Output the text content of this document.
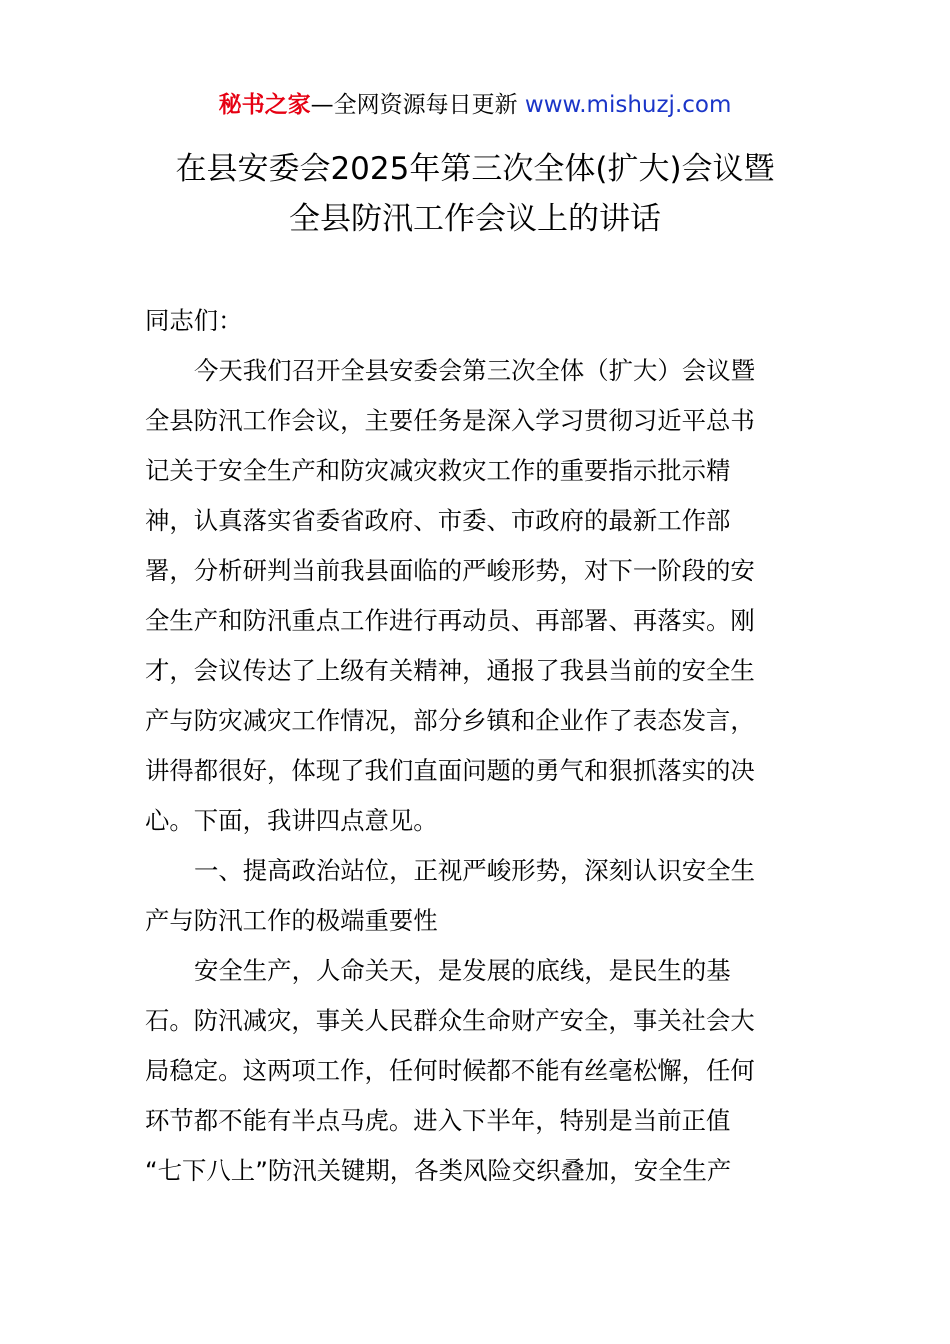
秘书之家—全网资源每日更新 www.mishuzj.com
在县安委会2025年第三次全体(扩大)会议暨
全县防汛工作会议上的讲话
同志们：
今天我们召开全县安委会第三次全体（扩大）会议暨
全县防汛工作会议，主要任务是深入学习贯彻习近平总书
记关于安全生产和防灾减灾救灾工作的重要指示批示精
神，认真落实省委省政府、市委、市政府的最新工作部
署，分析研判当前我县面临的严峻形势，对下一阶段的安
全生产和防汛重点工作进行再动员、再部署、再落实。刚
才，会议传达了上级有关精神，通报了我县当前的安全生
产与防灾减灾工作情况，部分乡镇和企业作了表态发言，
讲得都很好，体现了我们直面问题的勇气和狠抓落实的决
心。下面，我讲四点意见。
一、提高政治站位，正视严峻形势，深刻认识安全生
产与防汛工作的极端重要性
安全生产，人命关天，是发展的底线，是民生的基
石。防汛减灾，事关人民群众生命财产安全，事关社会大
局稳定。这两项工作，任何时候都不能有丝毫松懈，任何
环节都不能有半点马虎。进入下半年，特别是当前正值
“七下八上”防汛关键期，各类风险交织叠加，安全生产
